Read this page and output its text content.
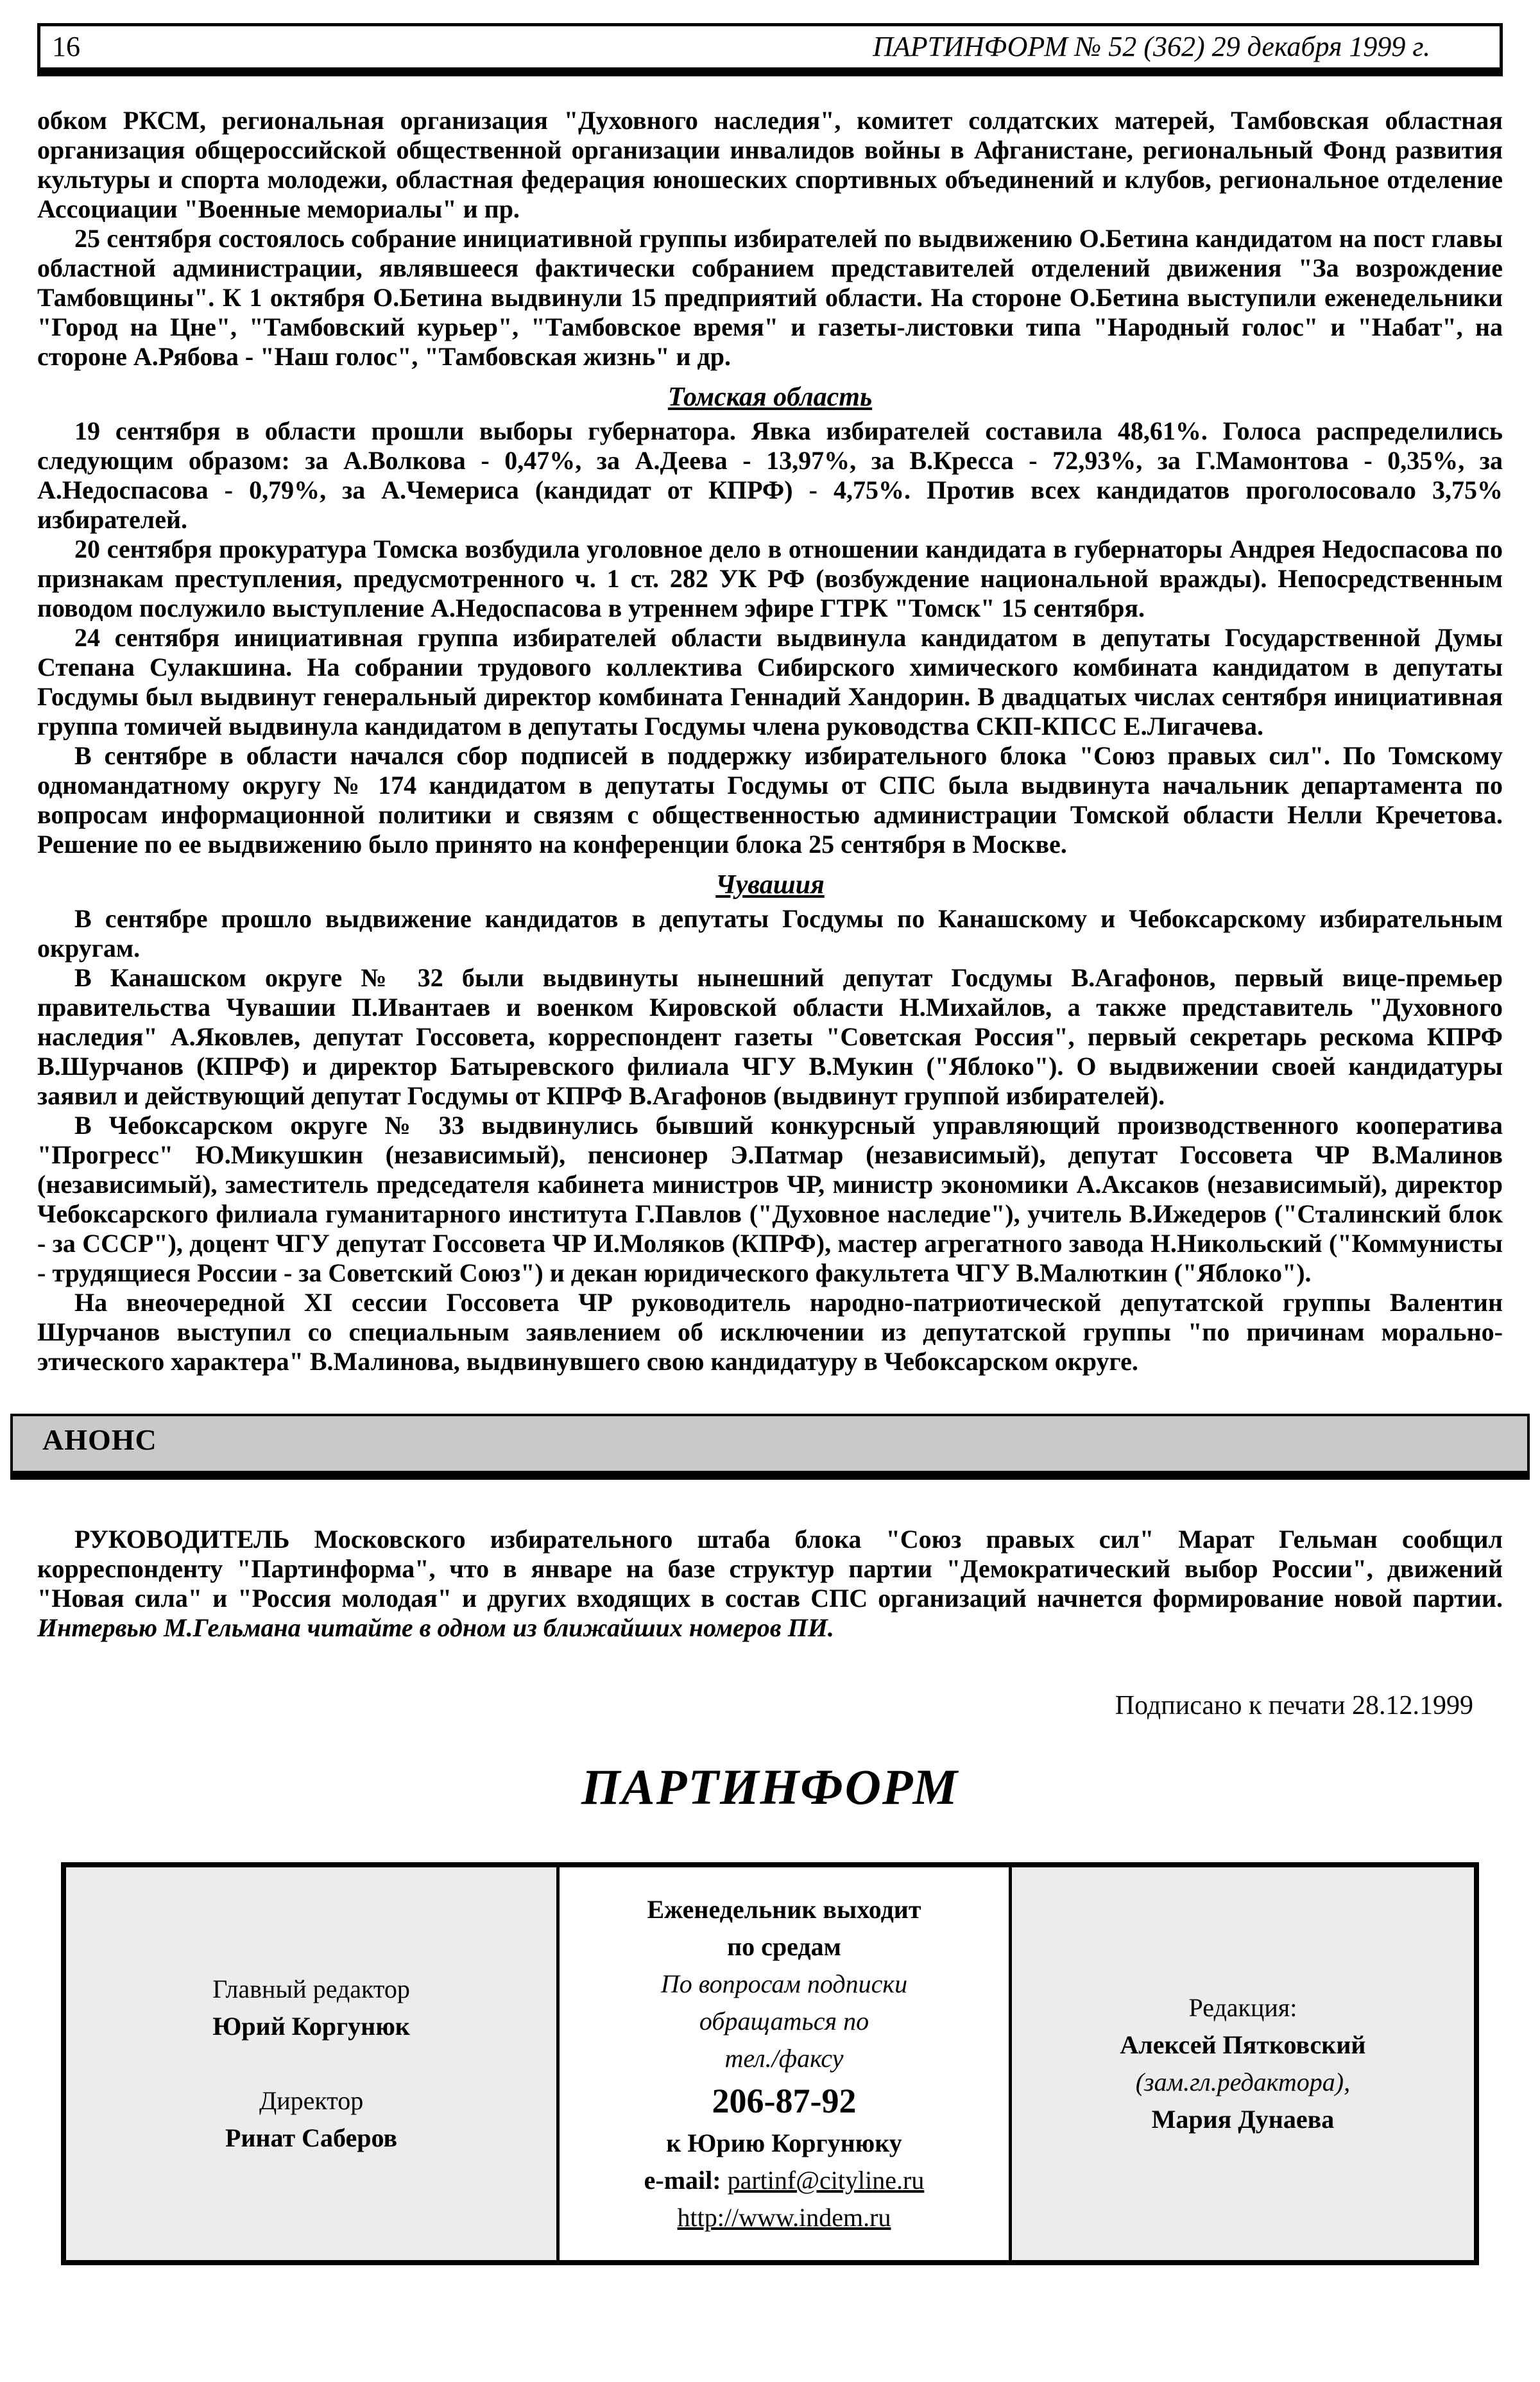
16	ПАРТИНФОРМ № 52 (362) 29 декабря 1999 г.

обком РКСМ, региональная организация "Духовного наследия", комитет солдатских матерей, Тамбовская областная организация общероссийской общественной организации инвалидов войны в Афганистане, региональный Фонд развития культуры и спорта молодежи, областная федерация юношеских спортивных объединений и клубов, региональное отделение Ассоциации "Военные мемориалы" и пр.

25 сентября состоялось собрание инициативной группы избирателей по выдвижению О.Бетина кандидатом на пост главы областной администрации, являвшееся фактически собранием представителей отделений движения "За возрождение Тамбовщины". К 1 октября О.Бетина выдвинули 15 предприятий области. На стороне О.Бетина выступили еженедельники "Город на Цне", "Тамбовский курьер", "Тамбовское время" и газеты-листовки типа "Народный голос" и "Набат", на стороне А.Рябова - "Наш голос", "Тамбовская жизнь" и др.

Томская область

19 сентября в области прошли выборы губернатора. Явка избирателей составила 48,61%. Голоса распределились следующим образом: за А.Волкова - 0,47%, за А.Деева - 13,97%, за В.Кресса - 72,93%, за Г.Мамонтова - 0,35%, за А.Недоспасова - 0,79%, за А.Чемериса (кандидат от КПРФ) - 4,75%. Против всех кандидатов проголосовало 3,75% избирателей.

20 сентября прокуратура Томска возбудила уголовное дело в отношении кандидата в губернаторы Андрея Недоспасова по признакам преступления, предусмотренного ч. 1 ст. 282 УК РФ (возбуждение национальной вражды). Непосредственным поводом послужило выступление А.Недоспасова в утреннем эфире ГТРК "Томск" 15 сентября.

24 сентября инициативная группа избирателей области выдвинула кандидатом в депутаты Государственной Думы Степана Сулакшина. На собрании трудового коллектива Сибирского химического комбината кандидатом в депутаты Госдумы был выдвинут генеральный директор комбината Геннадий Хандорин. В двадцатых числах сентября инициативная группа томичей выдвинула кандидатом в депутаты Госдумы члена руководства СКП-КПСС Е.Лигачева.

В сентябре в области начался сбор подписей в поддержку избирательного блока "Союз правых сил". По Томскому одномандатному округу № 174 кандидатом в депутаты Госдумы от СПС была выдвинута начальник департамента по вопросам информационной политики и связям с общественностью администрации Томской области Нелли Кречетова. Решение по ее выдвижению было принято на конференции блока 25 сентября в Москве.

Чувашия

В сентябре прошло выдвижение кандидатов в депутаты Госдумы по Канашскому и Чебоксарскому избирательным округам.

В Канашском округе № 32 были выдвинуты нынешний депутат Госдумы В.Агафонов, первый вице-премьер правительства Чувашии П.Ивантаев и военком Кировской области Н.Михайлов, а также представитель "Духовного наследия" А.Яковлев, депутат Госсовета, корреспондент газеты "Советская Россия", первый секретарь рескома КПРФ В.Шурчанов (КПРФ) и директор Батыревского филиала ЧГУ В.Мукин ("Яблоко"). О выдвижении своей кандидатуры заявил и действующий депутат Госдумы от КПРФ В.Агафонов (выдвинут группой избирателей).

В Чебоксарском округе № 33 выдвинулись бывший конкурсный управляющий производственного кооператива "Прогресс" Ю.Микушкин (независимый), пенсионер Э.Патмар (независимый), депутат Госсовета ЧР В.Малинов (независимый), заместитель председателя кабинета министров ЧР, министр экономики А.Аксаков (независимый), директор Чебоксарского филиала гуманитарного института Г.Павлов ("Духовное наследие"), учитель В.Ижедеров ("Сталинский блок - за СССР"), доцент ЧГУ депутат Госсовета ЧР И.Моляков (КПРФ), мастер агрегатного завода Н.Никольский ("Коммунисты - трудящиеся России - за Советский Союз") и декан юридического факультета ЧГУ В.Малюткин ("Яблоко").

На внеочередной XI сессии Госсовета ЧР руководитель народно-патриотической депутатской группы Валентин Шурчанов выступил со специальным заявлением об исключении из депутатской группы "по причинам морально-этического характера" В.Малинова, выдвинувшего свою кандидатуру в Чебоксарском округе.

АНОНС

РУКОВОДИТЕЛЬ Московского избирательного штаба блока "Союз правых сил" Марат Гельман сообщил корреспонденту "Партинформа", что в январе на базе структур партии "Демократический выбор России", движений "Новая сила" и "Россия молодая" и других входящих в состав СПС организаций начнется формирование новой партии. Интервью М.Гельмана читайте в одном из ближайших номеров ПИ.

Подписано к печати 28.12.1999

ПАРТИНФОРМ
Главный редактор
Юрий Коргунюк
Директор
Ринат Саберов

Еженедельник выходит
по средам
По вопросам подписки
обращаться по
тел./факсу
206-87-92
к Юрию Коргунюку
e-mail: partinf@cityline.ru
http://www.indem.ru

Редакция:
Алексей Пятковский
(зам.гл.редактора),
Мария Дунаева
